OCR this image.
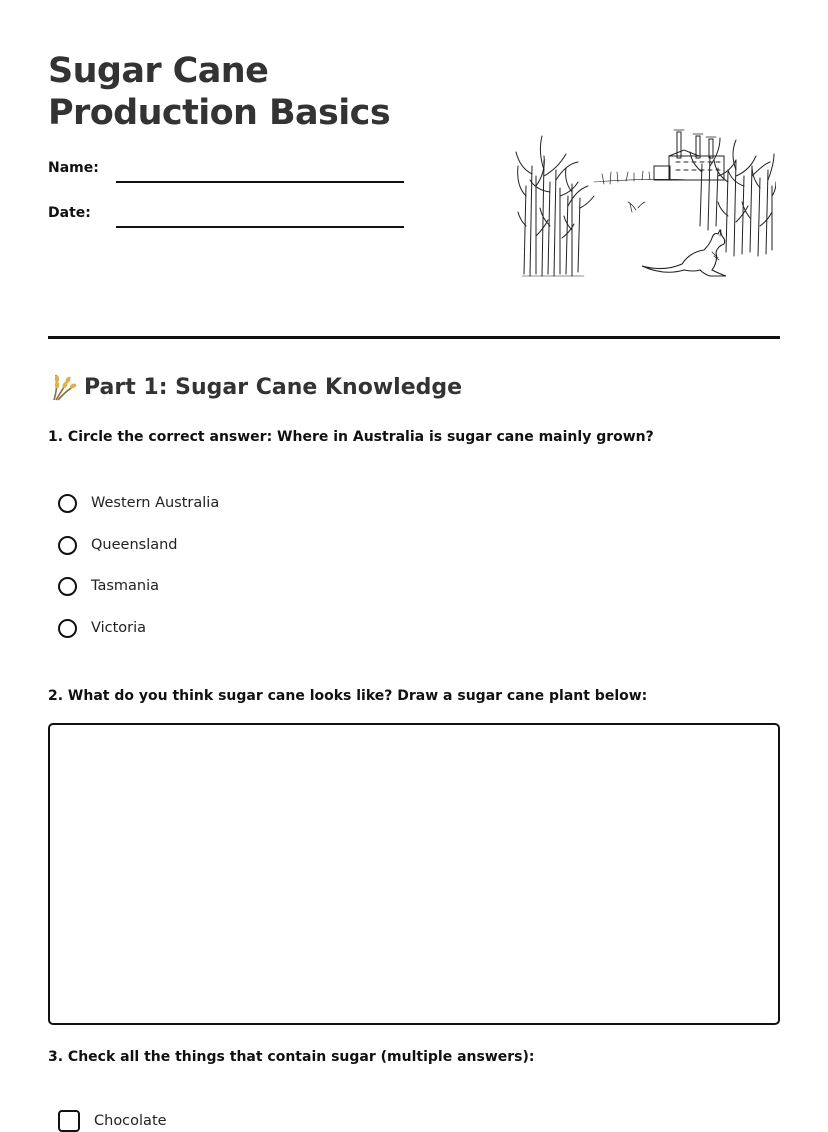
Sugar Cane Production Basics
Name:
Date:
Part 1: Sugar Cane Knowledge

1. Circle the correct answer: Where in Australia is sugar cane mainly grown?

Western Australia
Queensland
Tasmania
Victoria

2. What do you think sugar cane looks like? Draw a sugar cane plant below:

3. Check all the things that contain sugar (multiple answers):

Chocolate
